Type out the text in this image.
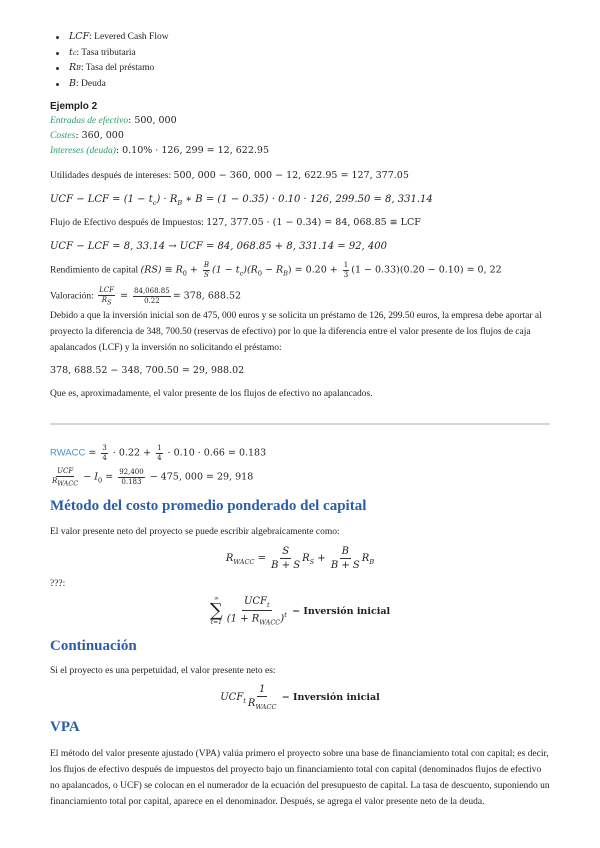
LCF : Levered Cash Flow
t c : Tasa tributaria
R B : Tasa del préstamo
B : Deuda
Ejemplo 2
Entradas de efectivo: 500, 000
Costes: 360, 000
Intereses (deuda): 0.10% · 126, 299 = 12, 622.95
Utilidades después de intereses: 500, 000 − 360, 000 − 12, 622.95 = 127, 377.05
UCF − LCF = $(1 - t_c) \cdot R_B$ ∗ B = (1 − 0.35) · 0.10 · 126, 299.50 = 8, 331.14
Flujo de Efectivo después de Impuestos: 127, 377.05 · (1 − 0.34) = 84, 068.85 ≡ LCF
UCF − LCF = 8, 33.14 → UCF = 84, 068.85 + 8, 331.14 = 92, 400
Rendimiento de capital $(RS) \equiv R_0 + \frac{B}{S} (1 - t_c)(R_0 - R_B) = 0.20 + \frac{1}{3} (1 - 0.33)(0.20 - 0.10) = 0$, 22
Valoración: $\frac{\text{LCF}}{R_S} = \frac{84,068.85}{0.22} = 378$, 688.52
Debido a que la inversión inicial son de 475, 000 euros y se solicita un préstamo de 126, 299.50 euros, la empresa debe aportar al proyecto la diferencia de 348, 700.50 (reservas de efectivo) por lo que la diferencia entre el valor presente de los flujos de caja apalancados (LCF) y la inversión no solicitando el préstamo:
378, 688.52 − 348, 700.50 = 29, 988.02
Que es, aproximadamente, el valor presente de los flujos de efectivo no apalancados.
RWACC = $\frac{3}{4} \cdot 0.22 + \frac{1}{4} \cdot 0.10 \cdot 0.66 = 0.183$
$\frac{\text{UCF}}{R_{WACC}} - I_0 = \frac{92,400}{0.183} - 475$, 000 = 29, 918
Método del costo promedio ponderado del capital
El valor presente neto del proyecto se puede escribir algebraicamente como:
$R_{WACC} = \frac{S}{B + S} R_S + \frac{B}{B + S} R_B$
???:
∞
∑
t=1
$UCF_t$
$(1 + R_{WACC})^t$ − Inversión inicial
Continuación
Si el proyecto es una perpetuidad, el valor presente neto es:
$UCF_t$
1
$R_{WACC}$
− Inversión inicial
VPA
El método del valor presente ajustado (VPA) valúa primero el proyecto sobre una base de financiamiento total con capital; es decir, los flujos de efectivo después de impuestos del proyecto bajo un financiamiento total con capital (denominados flujos de efectivo no apalancados, o UCF) se colocan en el numerador de la ecuación del presupuesto de capital. La tasa de descuento, suponiendo un financiamiento total por capital, aparece en el denominador. Después, se agrega el valor presente neto de la deuda.
